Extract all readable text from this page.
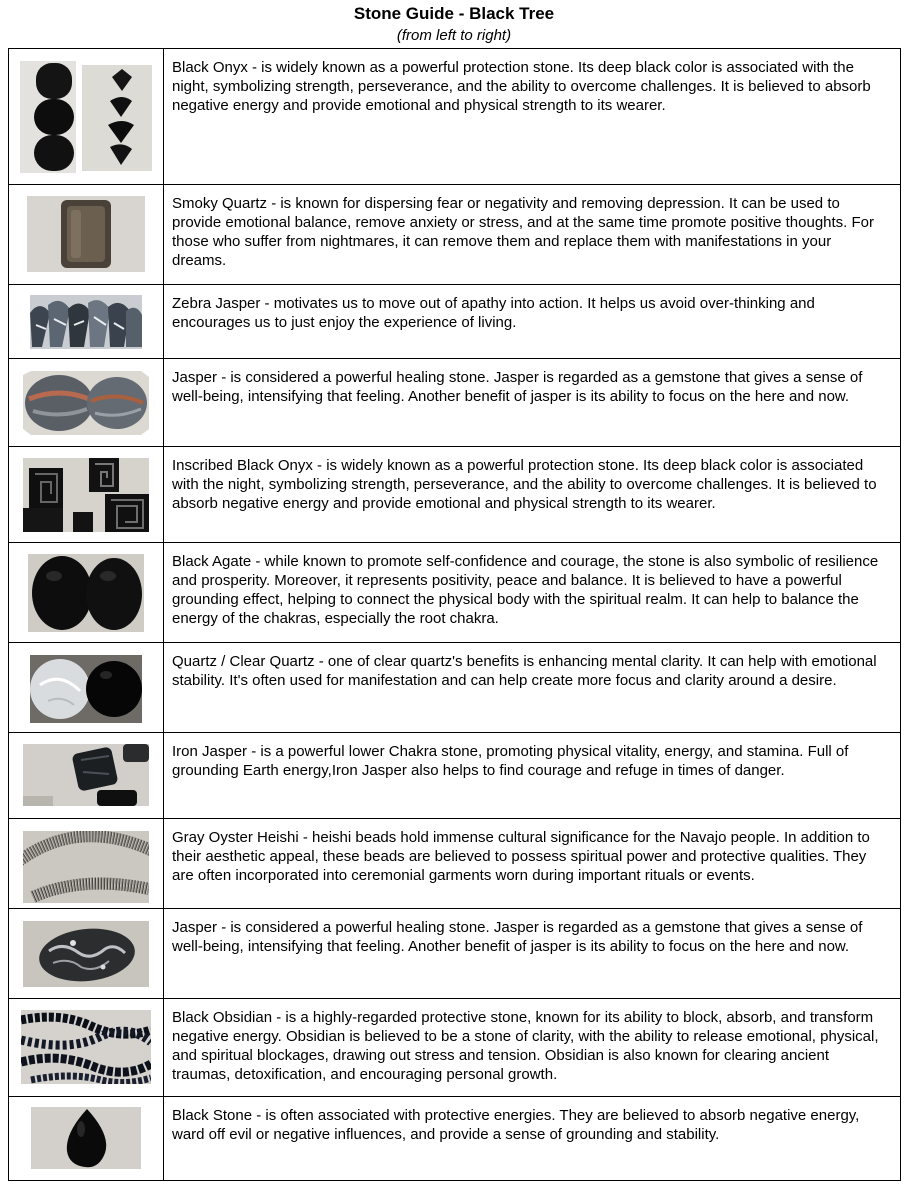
Stone Guide - Black Tree
(from left to right)
	Black Onyx - is widely known as a powerful protection stone. Its deep black color is associated with the night, symbolizing strength, perseverance, and the ability to overcome challenges. It is believed to absorb negative energy and provide emotional and physical strength to its wearer.

	Smoky Quartz - is known for dispersing fear or negativity and removing depression. It can be used to provide emotional balance, remove anxiety or stress, and at the same time promote positive thoughts. For those who suffer from nightmares, it can remove them and replace them with manifestations in your dreams.

	Zebra Jasper - motivates us to move out of apathy into action. It helps us avoid over-thinking and encourages us to just enjoy the experience of living.

	Jasper - is considered a powerful healing stone. Jasper is regarded as a gemstone that gives a sense of well-being, intensifying that feeling. Another benefit of jasper is its ability to focus on the here and now.

	Inscribed Black Onyx - is widely known as a powerful protection stone. Its deep black color is associated with the night, symbolizing strength, perseverance, and the ability to overcome challenges. It is believed to absorb negative energy and provide emotional and physical strength to its wearer.

	Black Agate - while known to promote self-confidence and courage, the stone is also symbolic of resilience and prosperity. Moreover, it represents positivity, peace and balance. It is believed to have a powerful grounding effect, helping to connect the physical body with the spiritual realm. It can help to balance the energy of the chakras, especially the root chakra.

	Quartz / Clear Quartz - one of clear quartz's benefits is enhancing mental clarity. It can help with emotional stability. It's often used for manifestation and can help create more focus and clarity around a desire.

	Iron Jasper - is a powerful lower Chakra stone, promoting physical vitality, energy, and stamina. Full of grounding Earth energy,Iron Jasper also helps to find courage and refuge in times of danger.

	Gray Oyster Heishi - heishi beads hold immense cultural significance for the Navajo people. In addition to their aesthetic appeal, these beads are believed to possess spiritual power and protective qualities. They are often incorporated into ceremonial garments worn during important rituals or events.

	Jasper - is considered a powerful healing stone. Jasper is regarded as a gemstone that gives a sense of well-being, intensifying that feeling. Another benefit of jasper is its ability to focus on the here and now.

	Black Obsidian - is a highly-regarded protective stone, known for its ability to block, absorb, and transform negative energy. Obsidian is believed to be a stone of clarity, with the ability to release emotional, physical, and spiritual blockages, drawing out stress and tension. Obsidian is also known for clearing ancient traumas, detoxification, and encouraging personal growth.

	Black Stone - is often associated with protective energies. They are believed to absorb negative energy, ward off evil or negative influences, and provide a sense of grounding and stability.
